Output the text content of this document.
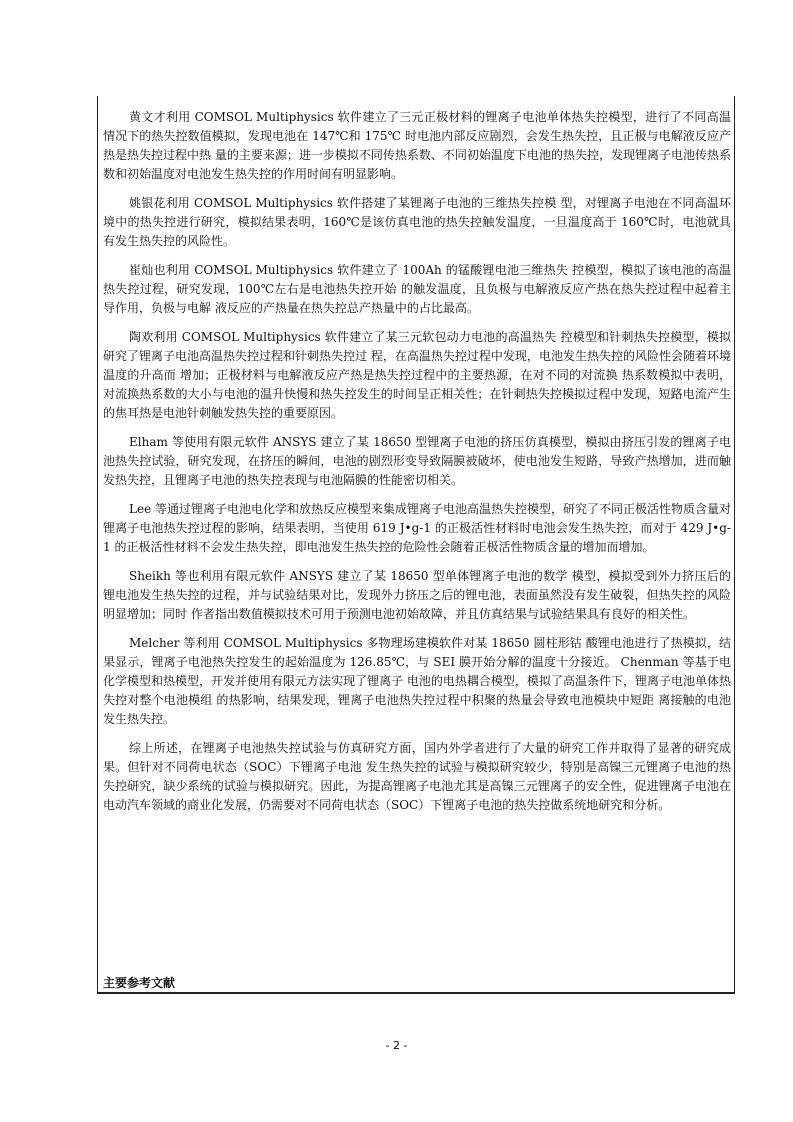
黄文才利用 COMSOL Multiphysics 软件建立了三元正极材料的锂离子电池单体热失控模型，进行了不同高温情况下的热失控数值模拟，发现电池在 147℃和 175℃ 时电池内部反应剧烈，会发生热失控，且正极与电解液反应产热是热失控过程中热 量的主要来源；进一步模拟不同传热系数、不同初始温度下电池的热失控，发现锂离子电池传热系数和初始温度对电池发生热失控的作用时间有明显影响。

姚银花利用 COMSOL Multiphysics 软件搭建了某锂离子电池的三维热失控模 型，对锂离子电池在不同高温环境中的热失控进行研究，模拟结果表明，160℃是该仿真电池的热失控触发温度，一旦温度高于 160℃时，电池就具有发生热失控的风险性。

崔灿也利用 COMSOL Multiphysics 软件建立了 100Ah 的锰酸锂电池三维热失 控模型，模拟了该电池的高温热失控过程，研究发现，100℃左右是电池热失控开始 的触发温度，且负极与电解液反应产热在热失控过程中起着主导作用，负极与电解 液反应的产热量在热失控总产热量中的占比最高。

陶欢利用 COMSOL Multiphysics 软件建立了某三元软包动力电池的高温热失 控模型和针刺热失控模型，模拟研究了锂离子电池高温热失控过程和针刺热失控过 程，在高温热失控过程中发现，电池发生热失控的风险性会随着环境温度的升高而 增加；正极材料与电解液反应产热是热失控过程中的主要热源，在对不同的对流换 热系数模拟中表明，对流换热系数的大小与电池的温升快慢和热失控发生的时间呈正相关性；在针刺热失控模拟过程中发现，短路电流产生的焦耳热是电池针刺触发热失控的重要原因。

Elham 等使用有限元软件 ANSYS 建立了某 18650 型锂离子电池的挤压仿真模型，模拟由挤压引发的锂离子电池热失控试验，研究发现，在挤压的瞬间，电池的剧烈形变导致隔膜被破坏，使电池发生短路，导致产热增加，进而触发热失控，且锂离子电池的热失控表现与电池隔膜的性能密切相关。

Lee 等通过锂离子电池电化学和放热反应模型来集成锂离子电池高温热失控模型，研究了不同正极活性物质含量对锂离子电池热失控过程的影响，结果表明，当使用 619 J•g-1 的正极活性材料时电池会发生热失控，而对于 429 J•g-1 的正极活性材料不会发生热失控，即电池发生热失控的危险性会随着正极活性物质含量的增加而增加。

Sheikh 等也利用有限元软件 ANSYS 建立了某 18650 型单体锂离子电池的数学 模型，模拟受到外力挤压后的锂电池发生热失控的过程，并与试验结果对比，发现外力挤压之后的锂电池，表面虽然没有发生破裂，但热失控的风险明显增加；同时 作者指出数值模拟技术可用于预测电池初始故障，并且仿真结果与试验结果具有良好的相关性。

Melcher 等利用 COMSOL Multiphysics 多物理场建模软件对某 18650 圆柱形钴 酸锂电池进行了热模拟，结果显示，锂离子电池热失控发生的起始温度为 126.85℃，与 SEI 膜开始分解的温度十分接近。 Chenman 等基于电化学模型和热模型，开发并使用有限元方法实现了锂离子 电池的电热耦合模型，模拟了高温条件下，锂离子电池单体热失控对整个电池模组 的热影响，结果发现，锂离子电池热失控过程中积聚的热量会导致电池模块中短距 离接触的电池发生热失控。

综上所述，在锂离子电池热失控试验与仿真研究方面，国内外学者进行了大量的研究工作并取得了显著的研究成果。但针对不同荷电状态（SOC）下锂离子电池 发生热失控的试验与模拟研究较少，特别是高镍三元锂离子电池的热失控研究，缺少系统的试验与模拟研究。因此，为提高锂离子电池尤其是高镍三元锂离子的安全性，促进锂离子电池在电动汽车领域的商业化发展，仍需要对不同荷电状态（SOC）下锂离子电池的热失控做系统地研究和分析。

主要参考文献
- 2 -
